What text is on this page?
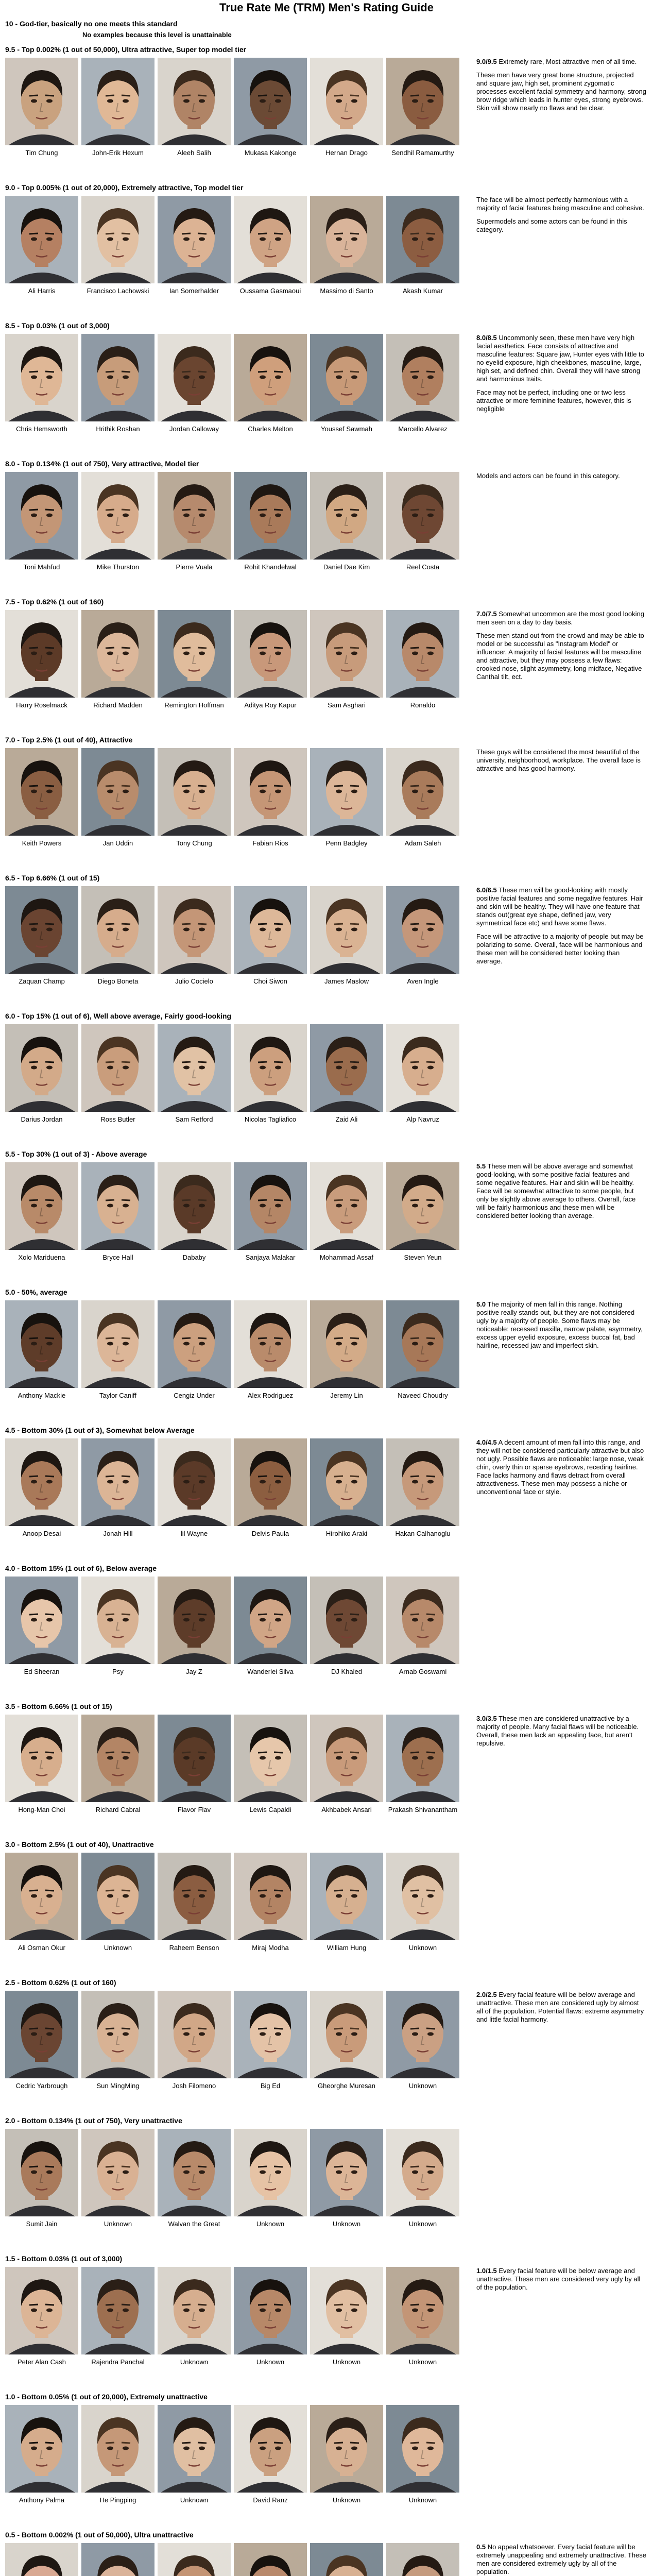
True Rate Me (TRM) Men's Rating Guide
10 - God-tier, basically no one meets this standard
No examples because this level is unattainable
9.5 - Top 0.002% (1 out of 50,000), Ultra attractive, Super top model tier
Tim Chung	John-Erik Hexum	Aleeh Salih	Mukasa Kakonge	Hernan Drago	Sendhil Ramamurthy

9.0/9.5 Extremely rare, Most attractive men of all time.

These men have very great bone structure, projected and square jaw, high set, prominent zygomatic processes excellent facial symmetry and harmony, strong brow ridge which leads in hunter eyes, strong eyebrows. Skin will show nearly no flaws and be clear.

9.0 - Top 0.005% (1 out of 20,000), Extremely attractive, Top model tier
Ali Harris	Francisco Lachowski	Ian Somerhalder	Oussama Gasmaoui	Massimo di Santo	Akash Kumar

The face will be almost perfectly harmonious with a majority of facial features being masculine and cohesive.

Supermodels and some actors can be found in this category.

8.5 - Top 0.03% (1 out of 3,000)
Chris Hemsworth	Hrithik Roshan	Jordan Calloway	Charles Melton	Youssef Sawmah	Marcello Alvarez

8.0/8.5 Uncommonly seen, these men have very high facial aesthetics. Face consists of attractive and masculine features: Square jaw, Hunter eyes with little to no eyelid exposure, high cheekbones, masculine, large, high set, and defined chin. Overall they will have strong and harmonious traits.

Face may not be perfect, including one or two less attractive or more feminine features, however, this is negligible

8.0 - Top 0.134% (1 out of 750), Very attractive, Model tier
Toni Mahfud	Mike Thurston	Pierre Vuala	Rohit Khandelwal	Daniel Dae Kim	Reel Costa

Models and actors can be found in this category.

7.5 - Top 0.62% (1 out of 160)
Harry Roselmack	Richard Madden	Remington Hoffman	Aditya Roy Kapur	Sam Asghari	Ronaldo

7.0/7.5 Somewhat uncommon are the most good looking men seen on a day to day basis.

These men stand out from the crowd and may be able to model or be successful as "Instagram Model" or influencer. A majority of facial features will be masculine and attractive, but they may possess a few flaws: crooked nose, slight asymmetry, long midface, Negative Canthal tilt, ect.

7.0 - Top 2.5% (1 out of 40), Attractive
Keith Powers	Jan Uddin	Tony Chung	Fabian Rios	Penn Badgley	Adam Saleh

These guys will be considered the most beautiful of the university, neighborhood, workplace. The overall face is attractive and has good harmony.

6.5 - Top 6.66% (1 out of 15)
Zaquan Champ	Diego Boneta	Julio Cocielo	Choi Siwon	James Maslow	Aven Ingle

6.0/6.5 These men will be good-looking with mostly positive facial features and some negative features. Hair and skin will be healthy. They will have one feature that stands out(great eye shape, defined jaw, very symmetrical face etc) and have some flaws.

Face will be attractive to a majority of people but may be polarizing to some. Overall, face will be harmonious and these men will be considered better looking than average.

6.0 - Top 15% (1 out of 6), Well above average, Fairly good-looking
Darius Jordan	Ross Butler	Sam Retford	Nicolas Tagliafico	Zaid Ali	Alp Navruz
5.5 - Top 30% (1 out of 3) - Above average
Xolo Mariduena	Bryce Hall	Dababy	Sanjaya Malakar	Mohammad Assaf	Steven Yeun

5.5 These men will be above average and somewhat good-looking, with some positive facial features and some negative features. Hair and skin will be healthy. Face will be somewhat attractive to some people, but only be slightly above average to others. Overall, face will be fairly harmonious and these men will be considered better looking than average.

5.0 - 50%, average
Anthony Mackie	Taylor Caniff	Cengiz Under	Alex Rodriguez	Jeremy Lin	Naveed Choudry

5.0 The majority of men fall in this range. Nothing positive really stands out, but they are not considered ugly by a majority of people. Some flaws may be noticeable: recessed maxilla, narrow palate, asymmetry, excess upper eyelid exposure, excess buccal fat, bad hairline, recessed jaw and imperfect skin.

4.5 - Bottom 30% (1 out of 3), Somewhat below Average
Anoop Desai	Jonah Hill	lil Wayne	Delvis Paula	Hirohiko Araki	Hakan Calhanoglu

4.0/4.5 A decent amount of men fall into this range, and they will not be considered particularly attractive but also not ugly. Possible flaws are noticeable: large nose, weak chin, overly thin or sparse eyebrows, receding hairline. Face lacks harmony and flaws detract from overall attractiveness. These men may possess a niche or unconventional face or style.

4.0 - Bottom 15% (1 out of 6), Below average
Ed Sheeran	Psy	Jay Z	Wanderlei Silva	DJ Khaled	Arnab Goswami
3.5 - Bottom 6.66% (1 out of 15)
Hong-Man Choi	Richard Cabral	Flavor Flav	Lewis Capaldi	Akhbabek Ansari Prakash Shivanantham

3.0/3.5 These men are considered unattractive by a majority of people. Many facial flaws will be noticeable. Overall, these men lack an appealing face, but aren't repulsive.

3.0 - Bottom 2.5% (1 out of 40), Unattractive
Ali Osman Okur	Unknown	Raheem Benson	Miraj Modha	William Hung	Unknown
2.5 - Bottom 0.62% (1 out of 160)
Cedric Yarbrough	Sun MingMing	Josh Filomeno	Big Ed	Gheorghe Muresan	Unknown

2.0/2.5 Every facial feature will be below average and unattractive. These men are considered ugly by almost all of the population. Potential flaws: extreme asymmetry and little facial harmony.

2.0 - Bottom 0.134% (1 out of 750), Very unattractive
Sumit Jain	Unknown	Walvan the Great	Unknown	Unknown	Unknown
1.5 - Bottom 0.03% (1 out of 3,000)
Peter Alan Cash	Rajendra Panchal	Unknown	Unknown	Unknown	Unknown

1.0/1.5 Every facial feature will be below average and unattractive. These men are considered very ugly by all of the population.

1.0 - Bottom 0.05% (1 out of 20,000), Extremely unattractive
Anthony Palma	He Pingping	Unknown	David Ranz	Unknown	Unknown
0.5 - Bottom 0.002% (1 out of 50,000), Ultra unattractive

0.5 No appeal whatsoever. Every facial feature will be extremely unappealing and extremely unattractive. These men are considered extremely ugly by all of the population.
